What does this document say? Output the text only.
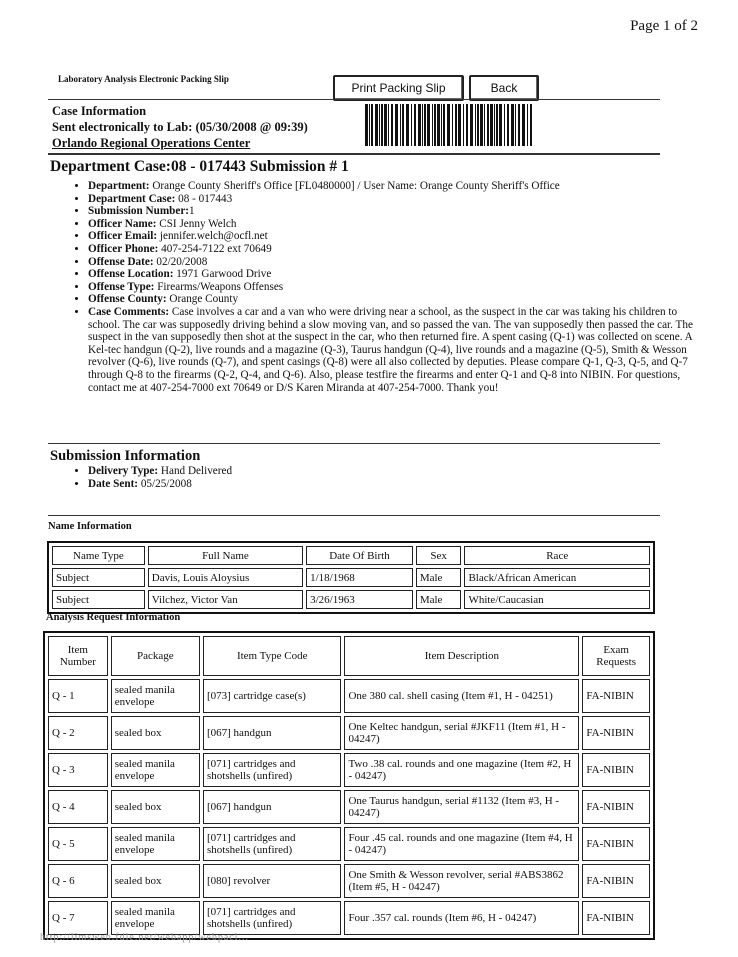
Page 1 of 2
Laboratory Analysis Electronic Packing Slip
Print Packing Slip	Back
Case Information
Sent electronically to Lab: (05/30/2008 @ 09:39)
Orlando Regional Operations Center
Department Case:08 - 017443 Submission # 1
• Department: Orange County Sheriff's Office [FL0480000] / User Name: Orange County Sheriff's Office
• Department Case: 08 - 017443
• Submission Number:1
• Officer Name: CSI Jenny Welch
• Officer Email: jennifer.welch@ocfl.net
• Officer Phone: 407-254-7122 ext 70649
• Offense Date: 02/20/2008
• Offense Location: 1971 Garwood Drive
• Offense Type: Firearms/Weapons Offenses
• Offense County: Orange County
• Case Comments: Case involves a car and a van who were driving near a school, as the suspect in the car was taking his children to school. The car was supposedly driving behind a slow moving van, and so passed the van. The van supposedly then passed the car. The suspect in the van supposedly then shot at the suspect in the car, who then returned fire. A spent casing (Q-1) was collected on scene. A Kel-tec handgun (Q-2), live rounds and a magazine (Q-3), Taurus handgun (Q-4), live rounds and a magazine (Q-5), Smith & Wesson revolver (Q-6), live rounds (Q-7), and spent casings (Q-8) were all also collected by deputies. Please compare Q-1, Q-3, Q-5, and Q-7 through Q-8 to the firearms (Q-2, Q-4, and Q-6). Also, please testfire the firearms and enter Q-1 and Q-8 into NIBIN. For questions, contact me at 407-254-7000 ext 70649 or D/S Karen Miranda at 407-254-7000. Thank you!
Submission Information
• Delivery Type: Hand Delivered
• Date Sent: 05/25/2008
Name Information
Name Type	Full Name	Date Of Birth	Sex	Race
Subject	Davis, Louis Aloysius	1/18/1968	Male	Black/African American
Subject	Vilchez, Victor Van	3/26/1963	Male	White/Caucasian
Analysis Request Information
Item Number	Package	Item Type Code	Item Description	Exam Requests
Q - 1	sealed manila envelope	[073] cartridge case(s)	One 380 cal. shell casing (Item #1, H - 04251)	FA-NIBIN
Q - 2	sealed box	[067] handgun	One Keltec handgun, serial #JKF11 (Item #1, H - 04247)	FA-NIBIN
Q - 3	sealed manila envelope	[071] cartridges and shotshells (unfired)	Two .38 cal. rounds and one magazine (Item #2, H - 04247)	FA-NIBIN
Q - 4	sealed box	[067] handgun	One Taurus handgun, serial #1132 (Item #3, H - 04247)	FA-NIBIN
Q - 5	sealed manila envelope	[071] cartridges and shotshells (unfired)	Four .45 cal. rounds and one magazine (Item #4, H - 04247)	FA-NIBIN
Q - 6	sealed box	[080] revolver	One Smith & Wesson revolver, serial #ABS3862 (Item #5, H - 04247)	FA-NIBIN
Q - 7	sealed manila envelope	[071] cartridges and shotshells (unfired)	Four .357 cal. rounds (Item #6, H - 04247)	FA-NIBIN
http://limsweb.fdle.net/webapp/webpacl...
